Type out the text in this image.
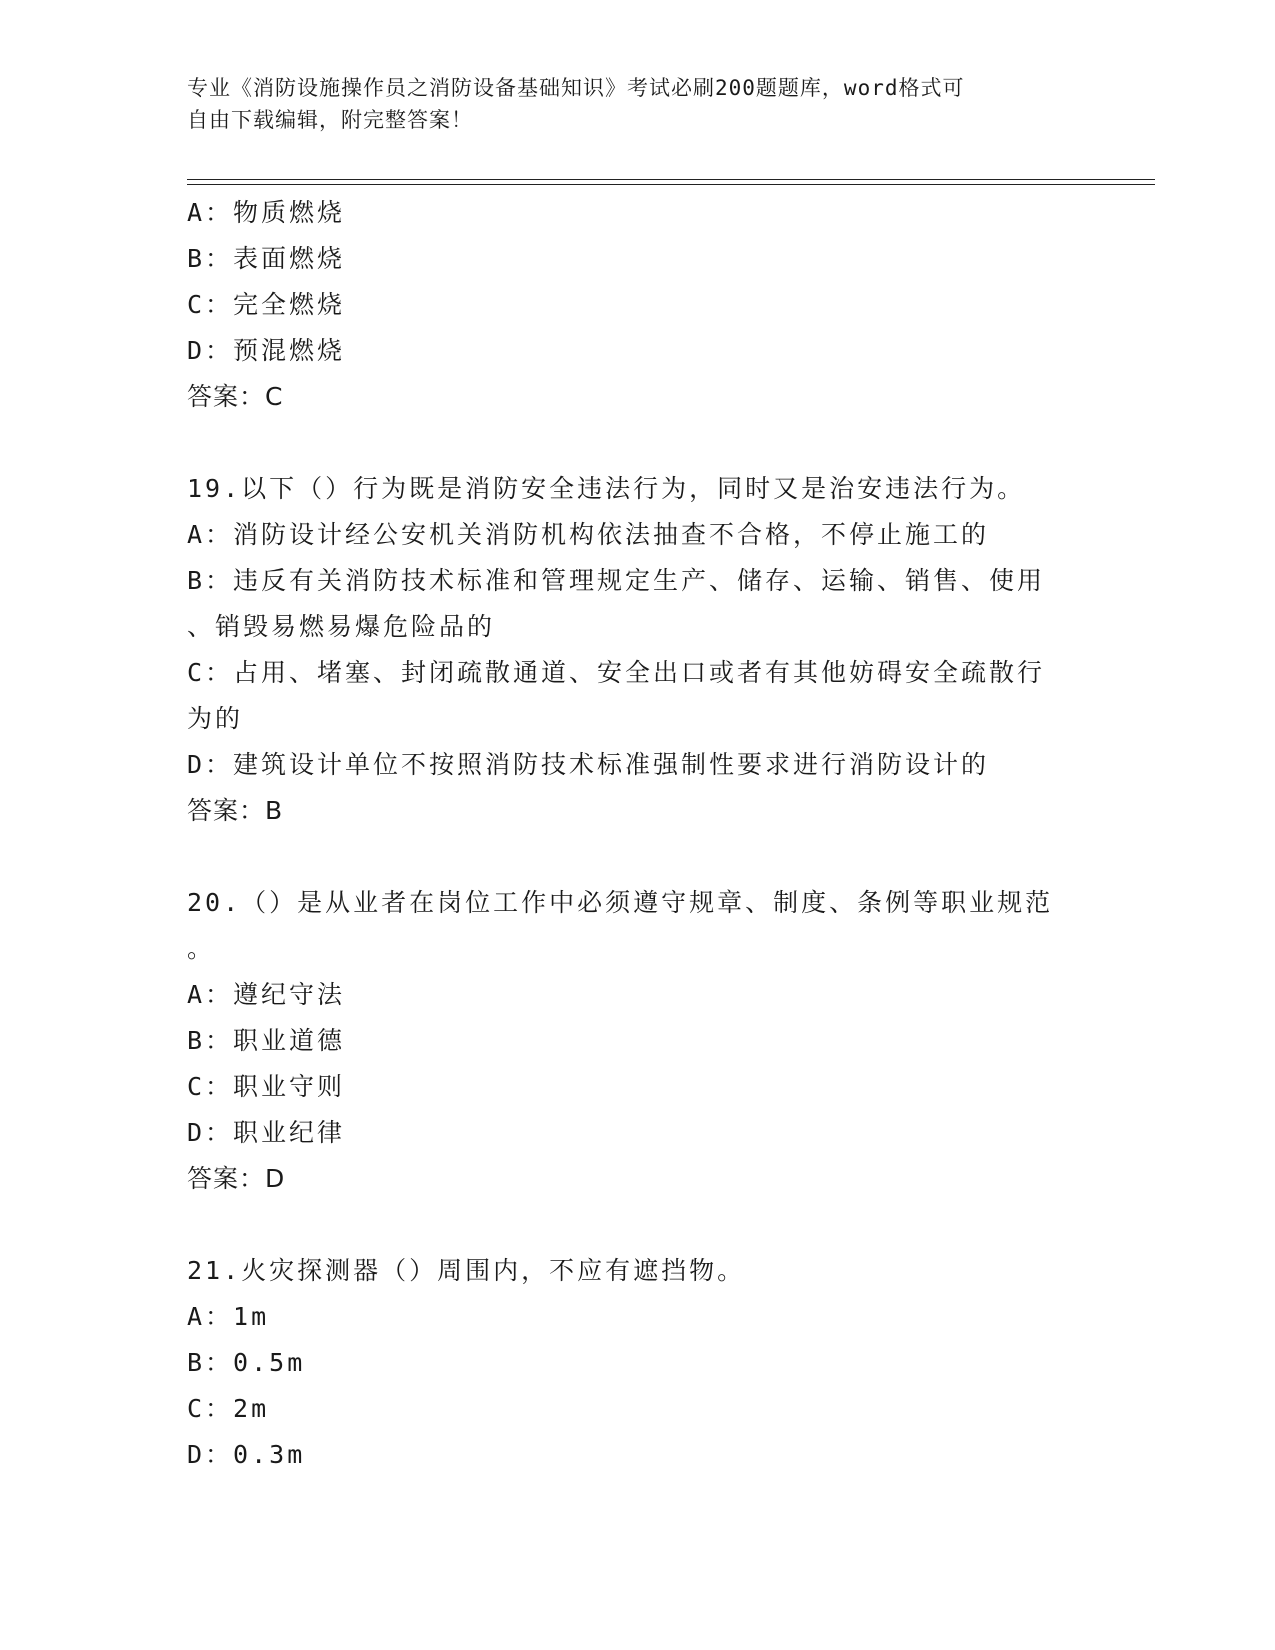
专业《消防设施操作员之消防设备基础知识》考试必刷200题题库，word格式可
自由下载编辑，附完整答案！
A：物质燃烧
B：表面燃烧
C：完全燃烧
D：预混燃烧
答案：C
19.以下（）行为既是消防安全违法行为，同时又是治安违法行为。
A：消防设计经公安机关消防机构依法抽查不合格，不停止施工的
B：违反有关消防技术标准和管理规定生产、储存、运输、销售、使用
、销毁易燃易爆危险品的
C：占用、堵塞、封闭疏散通道、安全出口或者有其他妨碍安全疏散行
为的
D：建筑设计单位不按照消防技术标准强制性要求进行消防设计的
答案：B
20.（）是从业者在岗位工作中必须遵守规章、制度、条例等职业规范
。
A：遵纪守法
B：职业道德
C：职业守则
D：职业纪律
答案：D
21.火灾探测器（）周围内，不应有遮挡物。
A：1m
B：0.5m
C：2m
D：0.3m
